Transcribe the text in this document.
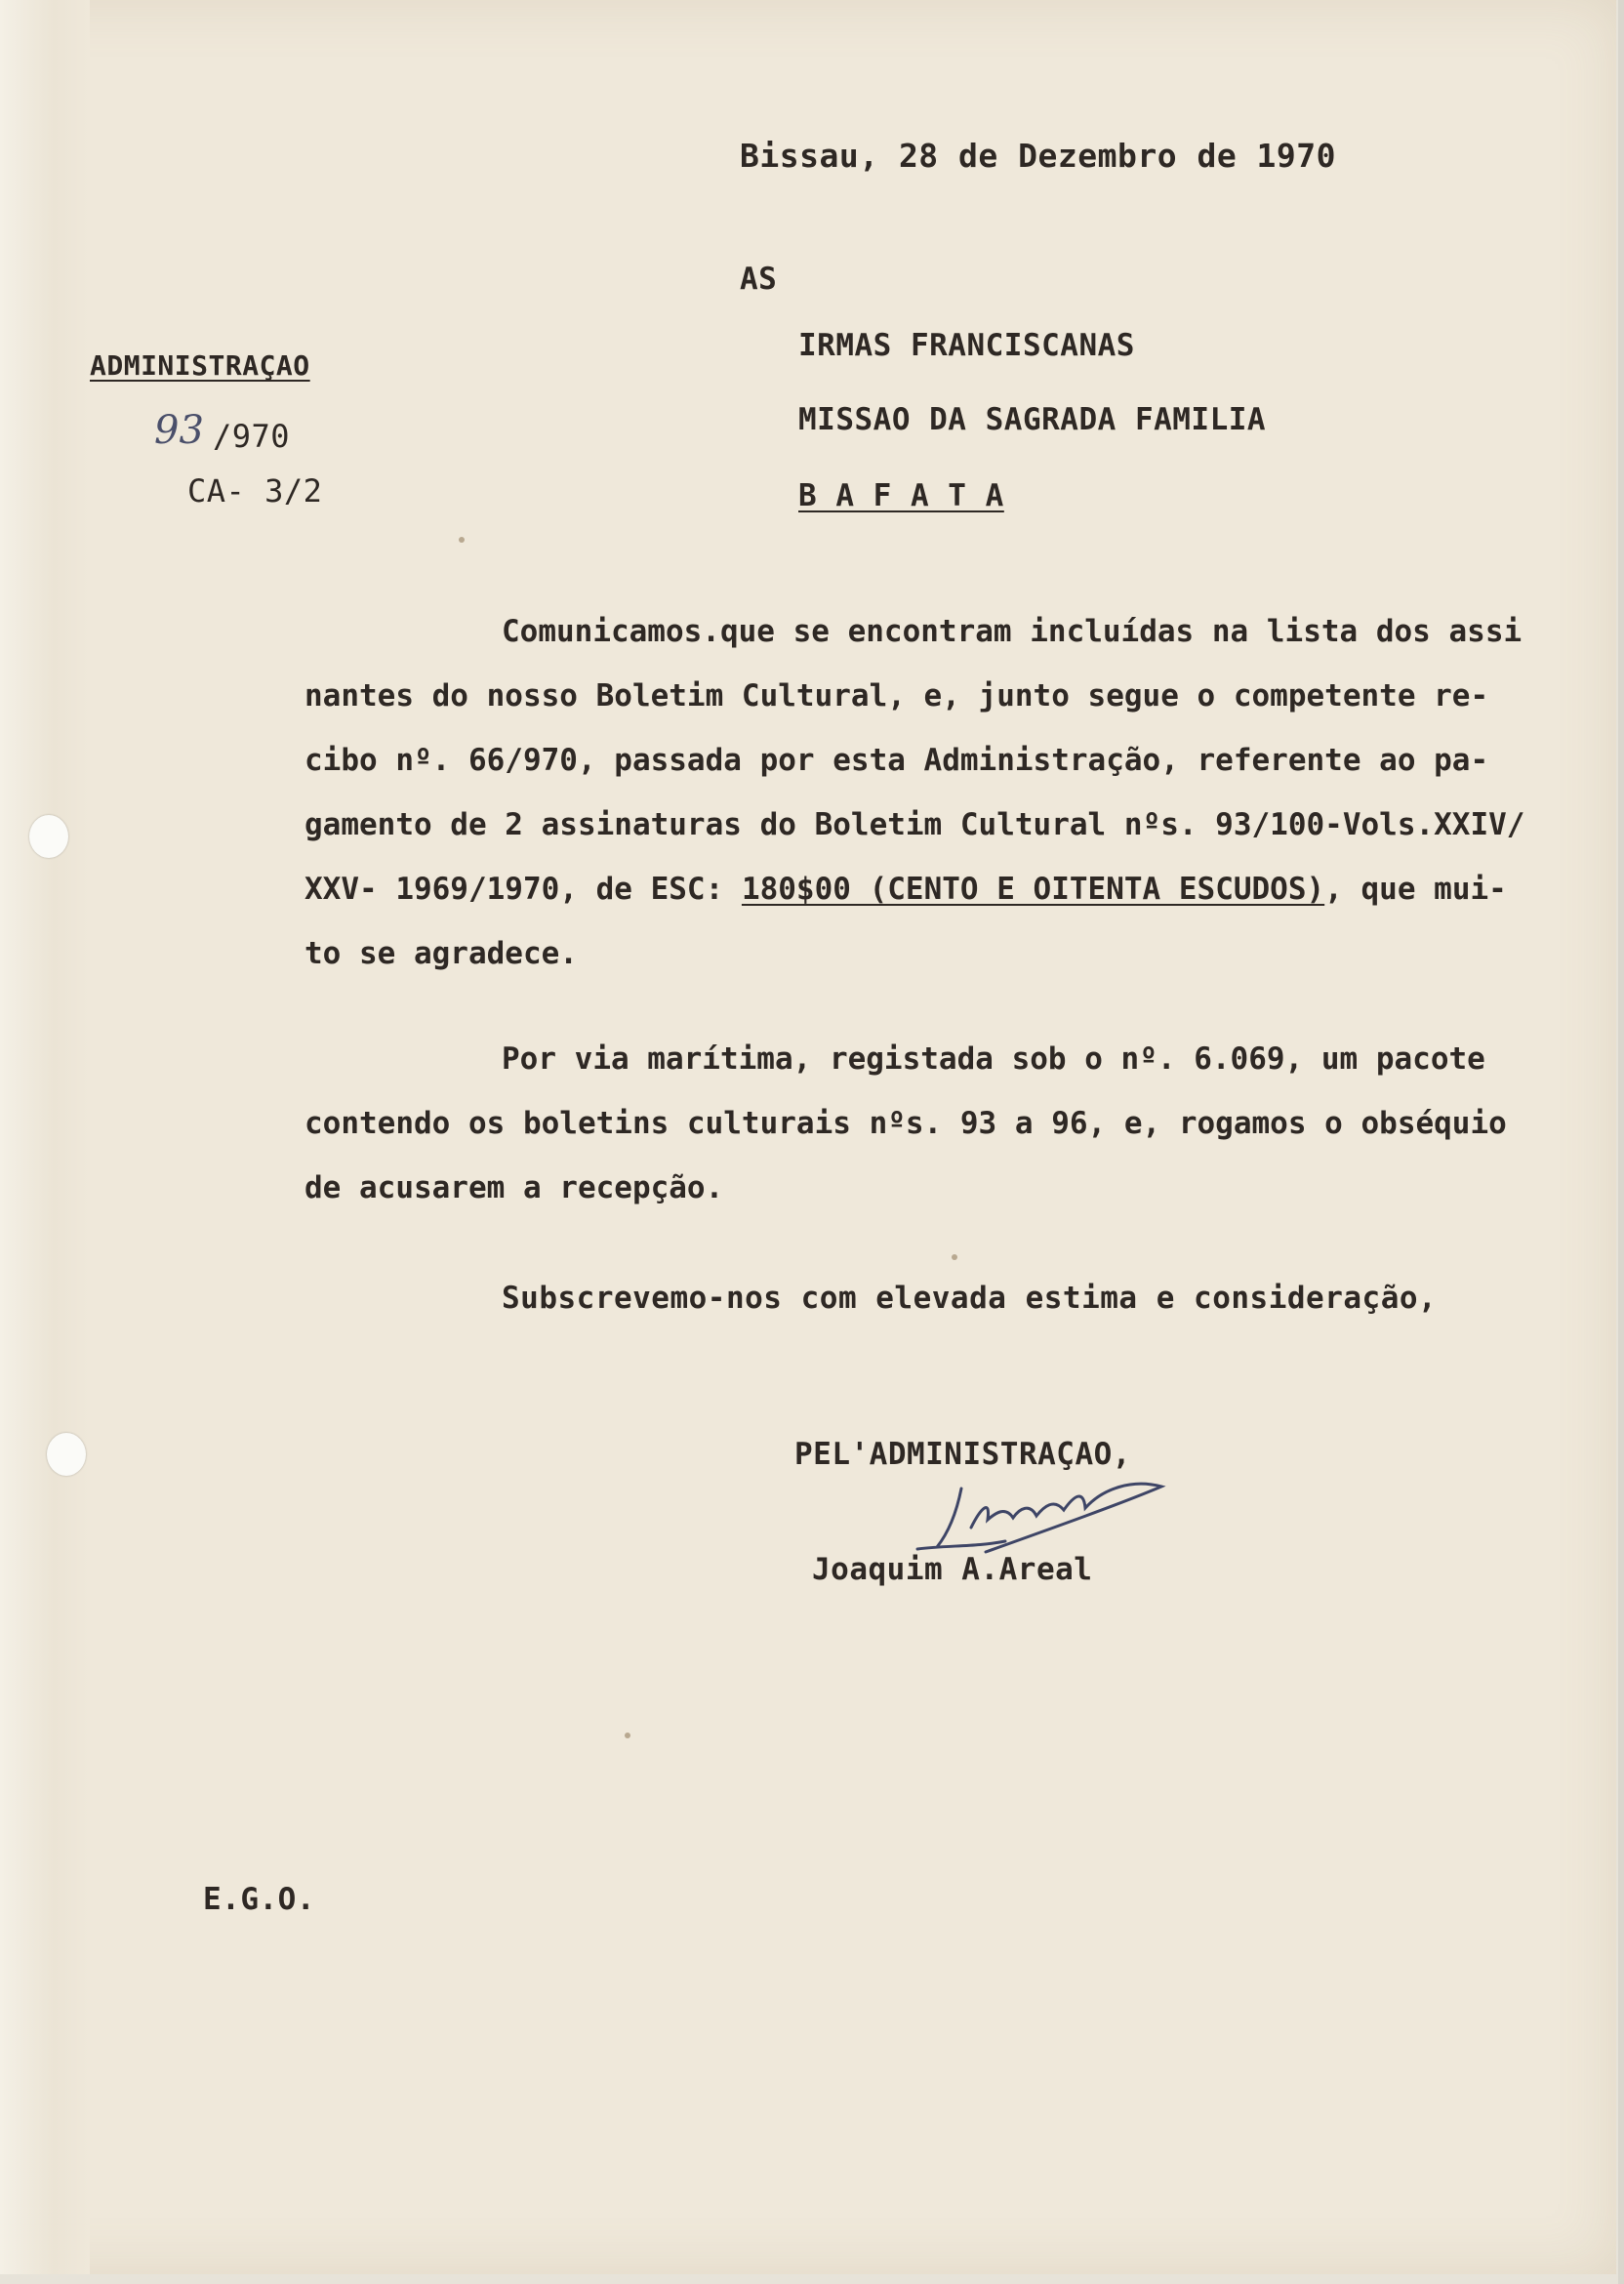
Bissau, 28 de Dezembro de 1970
AS
ADMINISTRAÇAO
93 /970
CA- 3/2
IRMAS FRANCISCANAS
MISSAO DA SAGRADA FAMILIA
B A F A T A
Comunicamos.que se encontram incluídas na lista dos assi
nantes do nosso Boletim Cultural, e, junto segue o competente re-
cibo nº. 66/970, passada por esta Administração, referente ao pa-
gamento de 2 assinaturas do Boletim Cultural nºs. 93/100-Vols.XXIV/
XXV- 1969/1970, de ESC: 180$00 (CENTO E OITENTA ESCUDOS), que mui-
to se agradece.
Por via marítima, registada sob o nº. 6.069, um pacote
contendo os boletins culturais nºs. 93 a 96, e, rogamos o obséquio
de acusarem a recepção.
Subscrevemo-nos com elevada estima e consideração,
PEL'ADMINISTRAÇAO,
Joaquim A.Areal
E.G.O.
